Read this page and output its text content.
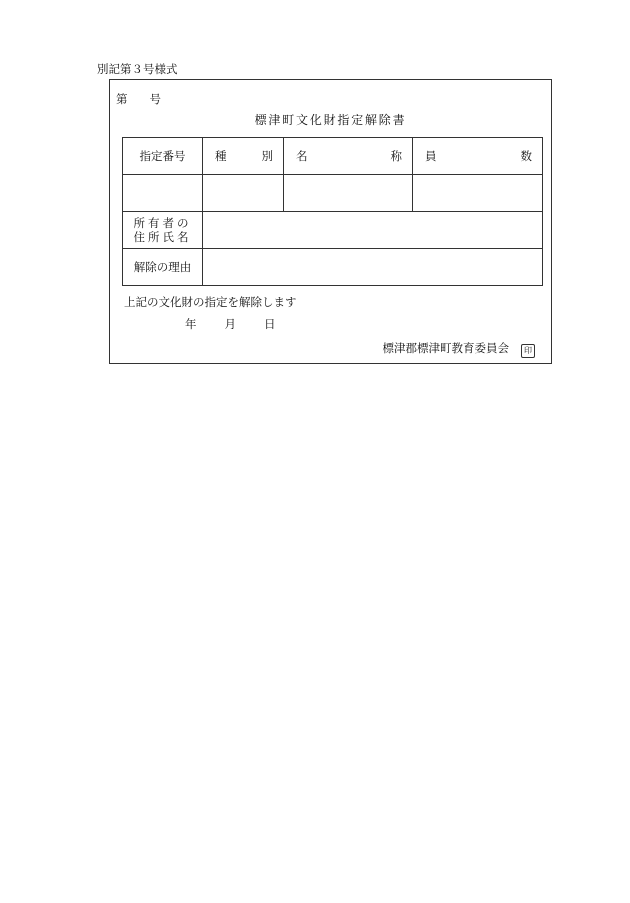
別記第３号様式
第 号
標津町文化財指定解除書
指定番号	種 別	名 称	員 数

所有者の
住所氏名			

解除の理由			
上記の文化財の指定を解除します
年 月 日
標津郡標津町教育委員会 印
